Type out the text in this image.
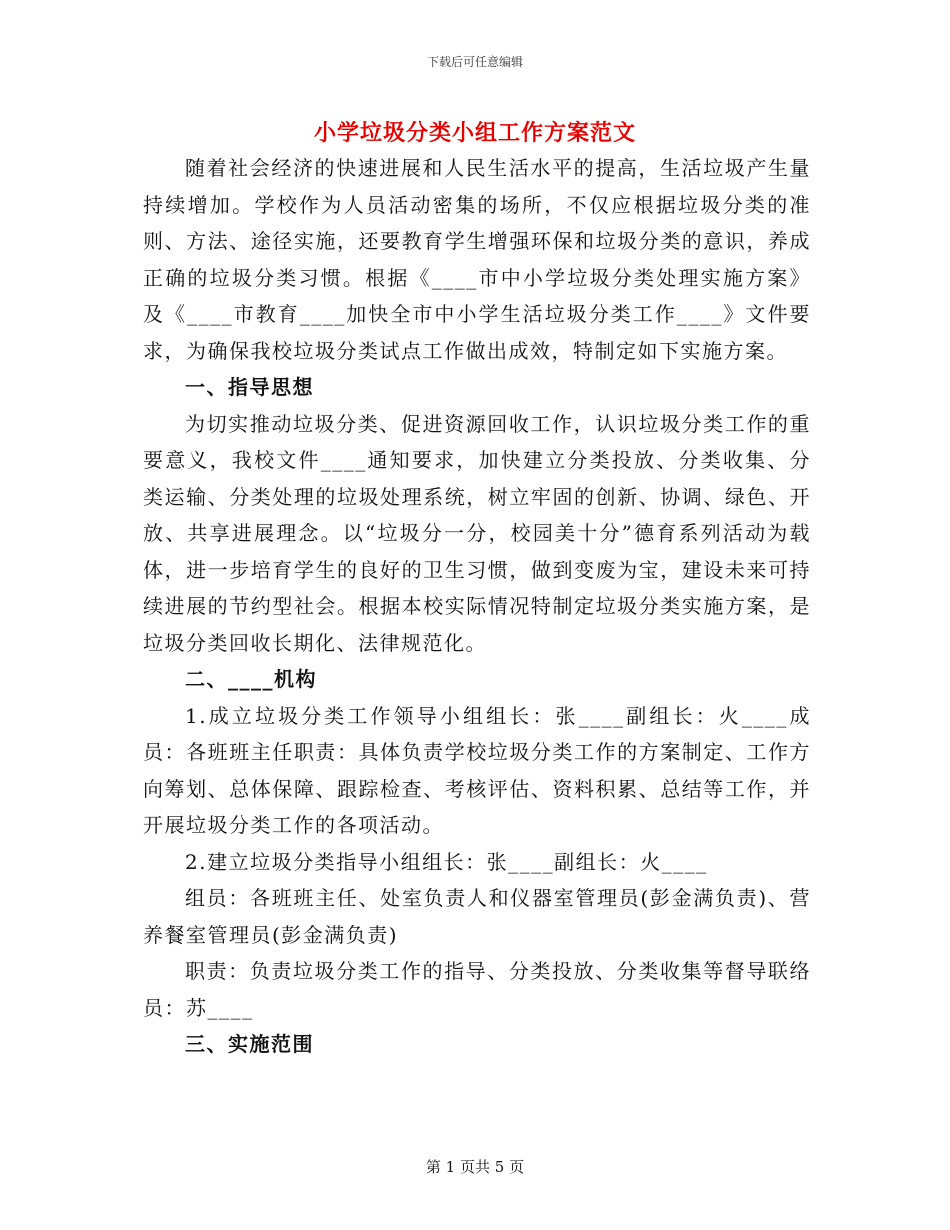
下载后可任意编辑
小学垃圾分类小组工作方案范文

随着社会经济的快速进展和人民生活水平的提高，生活垃圾产生量持续增加。学校作为人员活动密集的场所，不仅应根据垃圾分类的准则、方法、途径实施，还要教育学生增强环保和垃圾分类的意识，养成正确的垃圾分类习惯。根据《____市中小学垃圾分类处理实施方案》及《____市教育____加快全市中小学生活垃圾分类工作____》文件要求，为确保我校垃圾分类试点工作做出成效，特制定如下实施方案。

一、指导思想

为切实推动垃圾分类、促进资源回收工作，认识垃圾分类工作的重要意义，我校文件____通知要求，加快建立分类投放、分类收集、分类运输、分类处理的垃圾处理系统，树立牢固的创新、协调、绿色、开放、共享进展理念。以“垃圾分一分，校园美十分”德育系列活动为载体，进一步培育学生的良好的卫生习惯，做到变废为宝，建设未来可持续进展的节约型社会。根据本校实际情况特制定垃圾分类实施方案，是垃圾分类回收长期化、法律规范化。

二、____机构

1.成立垃圾分类工作领导小组组长：张____副组长：火____成员：各班班主任职责：具体负责学校垃圾分类工作的方案制定、工作方向筹划、总体保障、跟踪检查、考核评估、资料积累、总结等工作，并开展垃圾分类工作的各项活动。

2.建立垃圾分类指导小组组长：张____副组长：火____

组员：各班班主任、处室负责人和仪器室管理员(彭金满负责)、营养餐室管理员(彭金满负责)

职责：负责垃圾分类工作的指导、分类投放、分类收集等督导联络员：苏____

三、实施范围

第 1 页共 5 页
